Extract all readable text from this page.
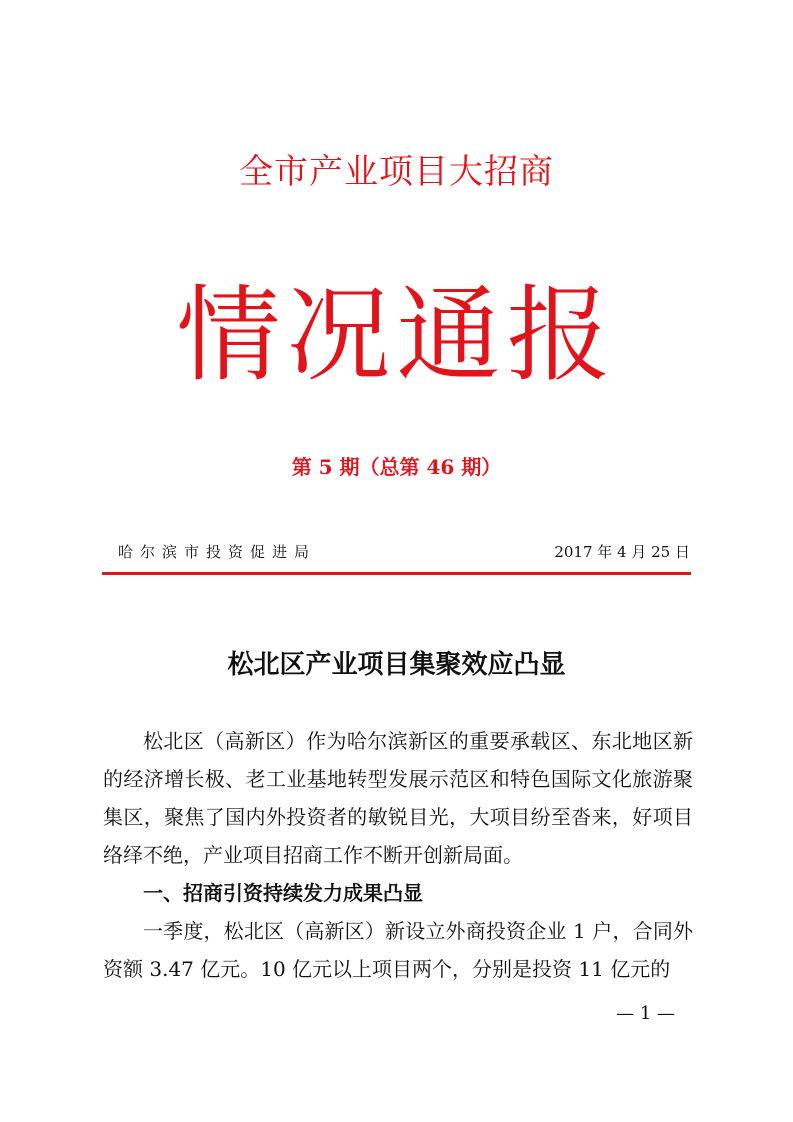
全市产业项目大招商
情况通报
第 5 期（总第 46 期）
哈尔滨市投资促进局	2017 年 4 月 25 日
松北区产业项目集聚效应凸显

松北区（高新区）作为哈尔滨新区的重要承载区、东北地区新的经济增长极、老工业基地转型发展示范区和特色国际文化旅游聚集区，聚焦了国内外投资者的敏锐目光，大项目纷至沓来，好项目络绎不绝，产业项目招商工作不断开创新局面。

一、招商引资持续发力成果凸显

一季度，松北区（高新区）新设立外商投资企业 1 户，合同外资额 3.47 亿元。10 亿元以上项目两个，分别是投资 11 亿元的

— 1 —
